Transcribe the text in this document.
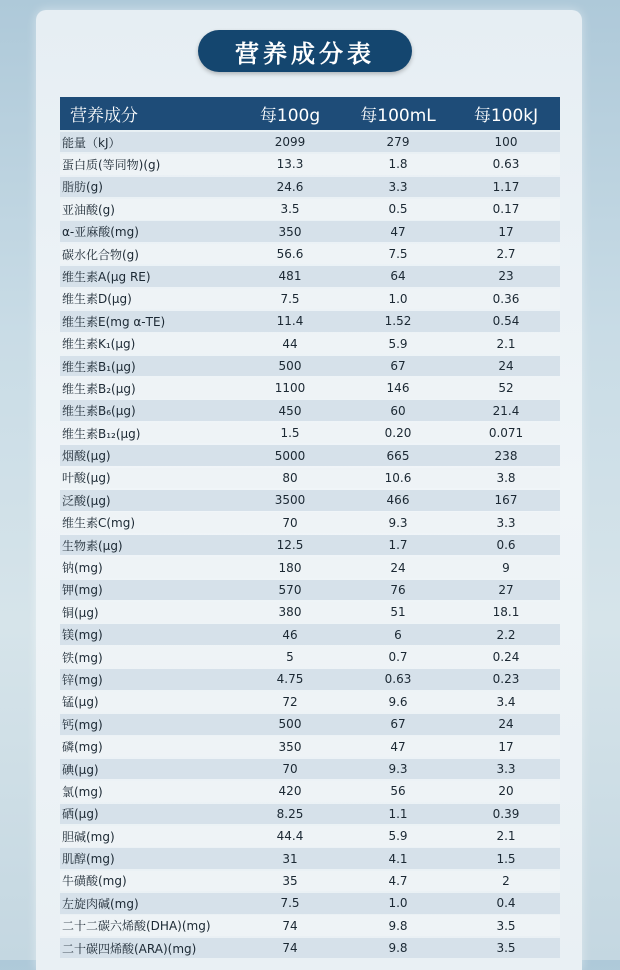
营养成分表
营养成分	每100g	每100mL	每100kJ
能量（kJ）	2099	279	100
蛋白质(等同物)(g)	13.3	1.8	0.63
脂肪(g)	24.6	3.3	1.17
亚油酸(g)	3.5	0.5	0.17
α-亚麻酸(mg)	350	47	17
碳水化合物(g)	56.6	7.5	2.7
维生素A(μg RE)	481	64	23
维生素D(μg)	7.5	1.0	0.36
维生素E(mg α-TE)	11.4	1.52	0.54
维生素K₁(μg)	44	5.9	2.1
维生素B₁(μg)	500	67	24
维生素B₂(μg)	1100	146	52
维生素B₆(μg)	450	60	21.4
维生素B₁₂(μg)	1.5	0.20	0.071
烟酸(μg)	5000	665	238
叶酸(μg)	80	10.6	3.8
泛酸(μg)	3500	466	167
维生素C(mg)	70	9.3	3.3
生物素(μg)	12.5	1.7	0.6
钠(mg)	180	24	9
钾(mg)	570	76	27
铜(μg)	380	51	18.1
镁(mg)	46	6	2.2
铁(mg)	5	0.7	0.24
锌(mg)	4.75	0.63	0.23
锰(μg)	72	9.6	3.4
钙(mg)	500	67	24
磷(mg)	350	47	17
碘(μg)	70	9.3	3.3
氯(mg)	420	56	20
硒(μg)	8.25	1.1	0.39
胆碱(mg)	44.4	5.9	2.1
肌醇(mg)	31	4.1	1.5
牛磺酸(mg)	35	4.7	2
左旋肉碱(mg)	7.5	1.0	0.4
二十二碳六烯酸(DHA)(mg)	74	9.8	3.5
二十碳四烯酸(ARA)(mg)	74	9.8	3.5
